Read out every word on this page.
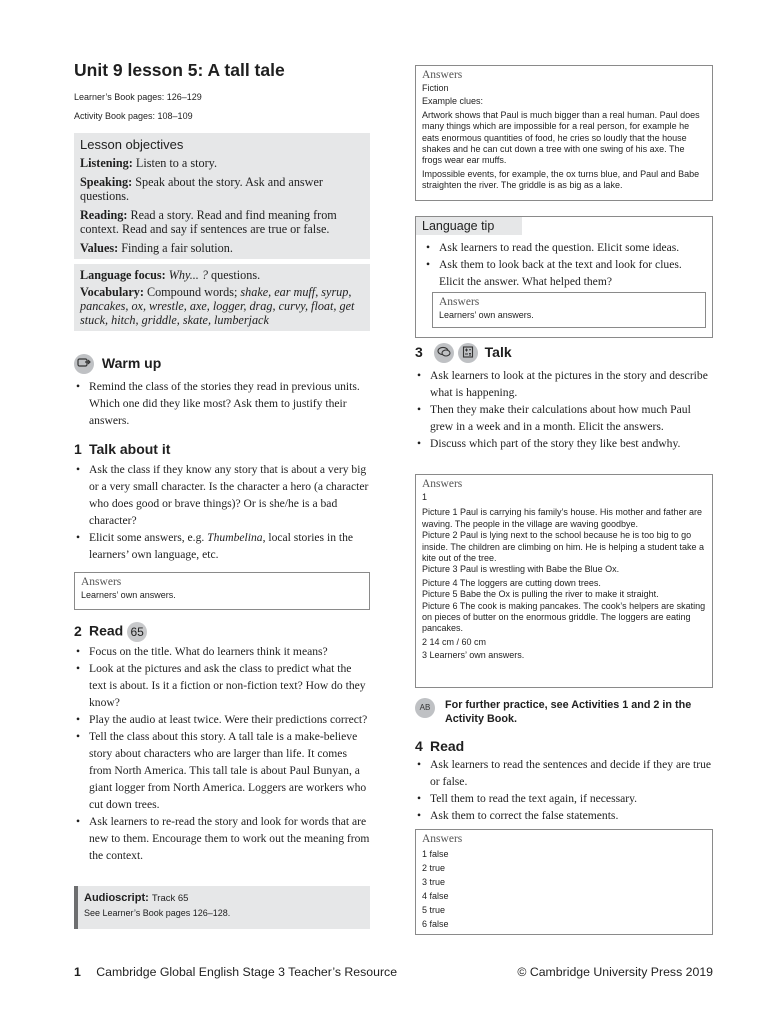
Unit 9 lesson 5: A tall tale
Learner’s Book pages: 126–129
Activity Book pages: 108–109
Lesson objectives

Listening: Listen to a story.

Speaking: Speak about the story. Ask and answer questions.

Reading: Read a story. Read and find meaning from context. Read and say if sentences are true or false.

Values: Finding a fair solution.

Language focus: Why... ? questions.

Vocabulary: Compound words; shake, ear muff, syrup, pancakes, ox, wrestle, axe, logger, drag, curvy, float, get stuck, hitch, griddle, skate, lumberjack

Warm up
• Remind the class of the stories they read in previous units. Which one did they like most? Ask them to justify their answers.
1 Talk about it
• Ask the class if they know any story that is about a very big or a very small character. Is the character a hero (a character who does good or brave things)? Or is she/he is a bad character?
• Elicit some answers, e.g. Thumbelina, local stories in the learners’ own language, etc.
Answers
Learners’ own answers.
2 Read 65
• Focus on the title. What do learners think it means?
• Look at the pictures and ask the class to predict what the text is about. Is it a fiction or non-fiction text? How do they know?
• Play the audio at least twice. Were their predictions correct?
• Tell the class about this story. A tall tale is a make-believe story about characters who are larger than life. It comes from North America. This tall tale is about Paul Bunyan, a giant logger from North America. Loggers are workers who cut down trees.
• Ask learners to re-read the story and look for words that are new to them. Encourage them to work out the meaning from the context.
Audioscript: Track 65
See Learner’s Book pages 126–128.
Answers
Fiction
Example clues:
Artwork shows that Paul is much bigger than a real human. Paul does many things which are impossible for a real person, for example he eats enormous quantities of food, he cries so loudly that the house shakes and he can cut down a tree with one swing of his axe. The frogs wear ear muffs.
Impossible events, for example, the ox turns blue, and Paul and Babe straighten the river. The griddle is as big as a lake.
Language tip
• Ask learners to read the question. Elicit some ideas.
• Ask them to look back at the text and look for clues. Elicit the answer. What helped them?
Answers
Learners’ own answers.
3	Talk
• Ask learners to look at the pictures in the story and describe what is happening.
• Then they make their calculations about how much Paul grew in a week and in a month. Elicit the answers.
• Discuss which part of the story they like best andwhy.
Answers
1
Picture 1 Paul is carrying his family’s house. His mother and father are waving. The people in the village are waving goodbye.
Picture 2 Paul is lying next to the school because he is too big to go inside. The children are climbing on him. He is helping a student take a kite out of the tree.
Picture 3 Paul is wrestling with Babe the Blue Ox.
Picture 4 The loggers are cutting down trees.
Picture 5 Babe the Ox is pulling the river to make it straight.
Picture 6 The cook is making pancakes. The cook’s helpers are skating on pieces of butter on the enormous griddle. The loggers are eating pancakes.
2 14 cm / 60 cm
3 Learners’ own answers.
AB	For further practice, see Activities 1 and 2 in the Activity Book.
4 Read
• Ask learners to read the sentences and decide if they are true or false.
• Tell them to read the text again, if necessary.
• Ask them to correct the false statements.
Answers
1 false
2 true
3 true
4 false
5 true
6 false
1 Cambridge Global English Stage 3 Teacher’s Resource	© Cambridge University Press 2019
